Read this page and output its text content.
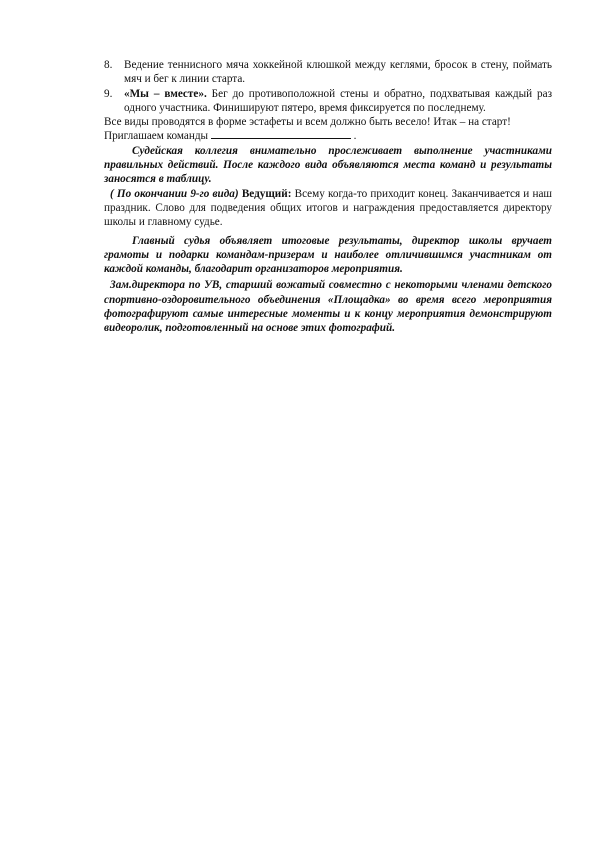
8.	Ведение теннисного мяча хоккейной клюшкой между кеглями, бросок в стену, поймать мяч и бег к линии старта.
9.	«Мы – вместе». Бег до противоположной стены и обратно, подхватывая каждый раз одного участника. Финишируют пятеро, время фиксируется по последнему.

Все виды проводятся в форме эстафеты и всем должно быть весело! Итак – на старт!

Приглашаем команды	.

Судейская коллегия внимательно прослеживает выполнение участниками правильных действий. После каждого вида объявляются места команд и результаты заносятся в таблицу.

( По окончании 9-го вида) Ведущий: Всему когда-то приходит конец. Заканчивается и наш праздник. Слово для подведения общих итогов и награждения предоставляется директору школы и главному судье.

Главный судья объявляет итоговые результаты, директор школы вручает грамоты и подарки командам-призерам и наиболее отличившимся участникам от каждой команды, благодарит организаторов мероприятия.

Зам.директора по УВ, старший вожатый совместно с некоторыми членами детского спортивно-оздоровительного объединения «Площадка» во время всего мероприятия фотографируют самые интересные моменты и к концу мероприятия демонстрируют видеоролик, подготовленный на основе этих фотографий.
